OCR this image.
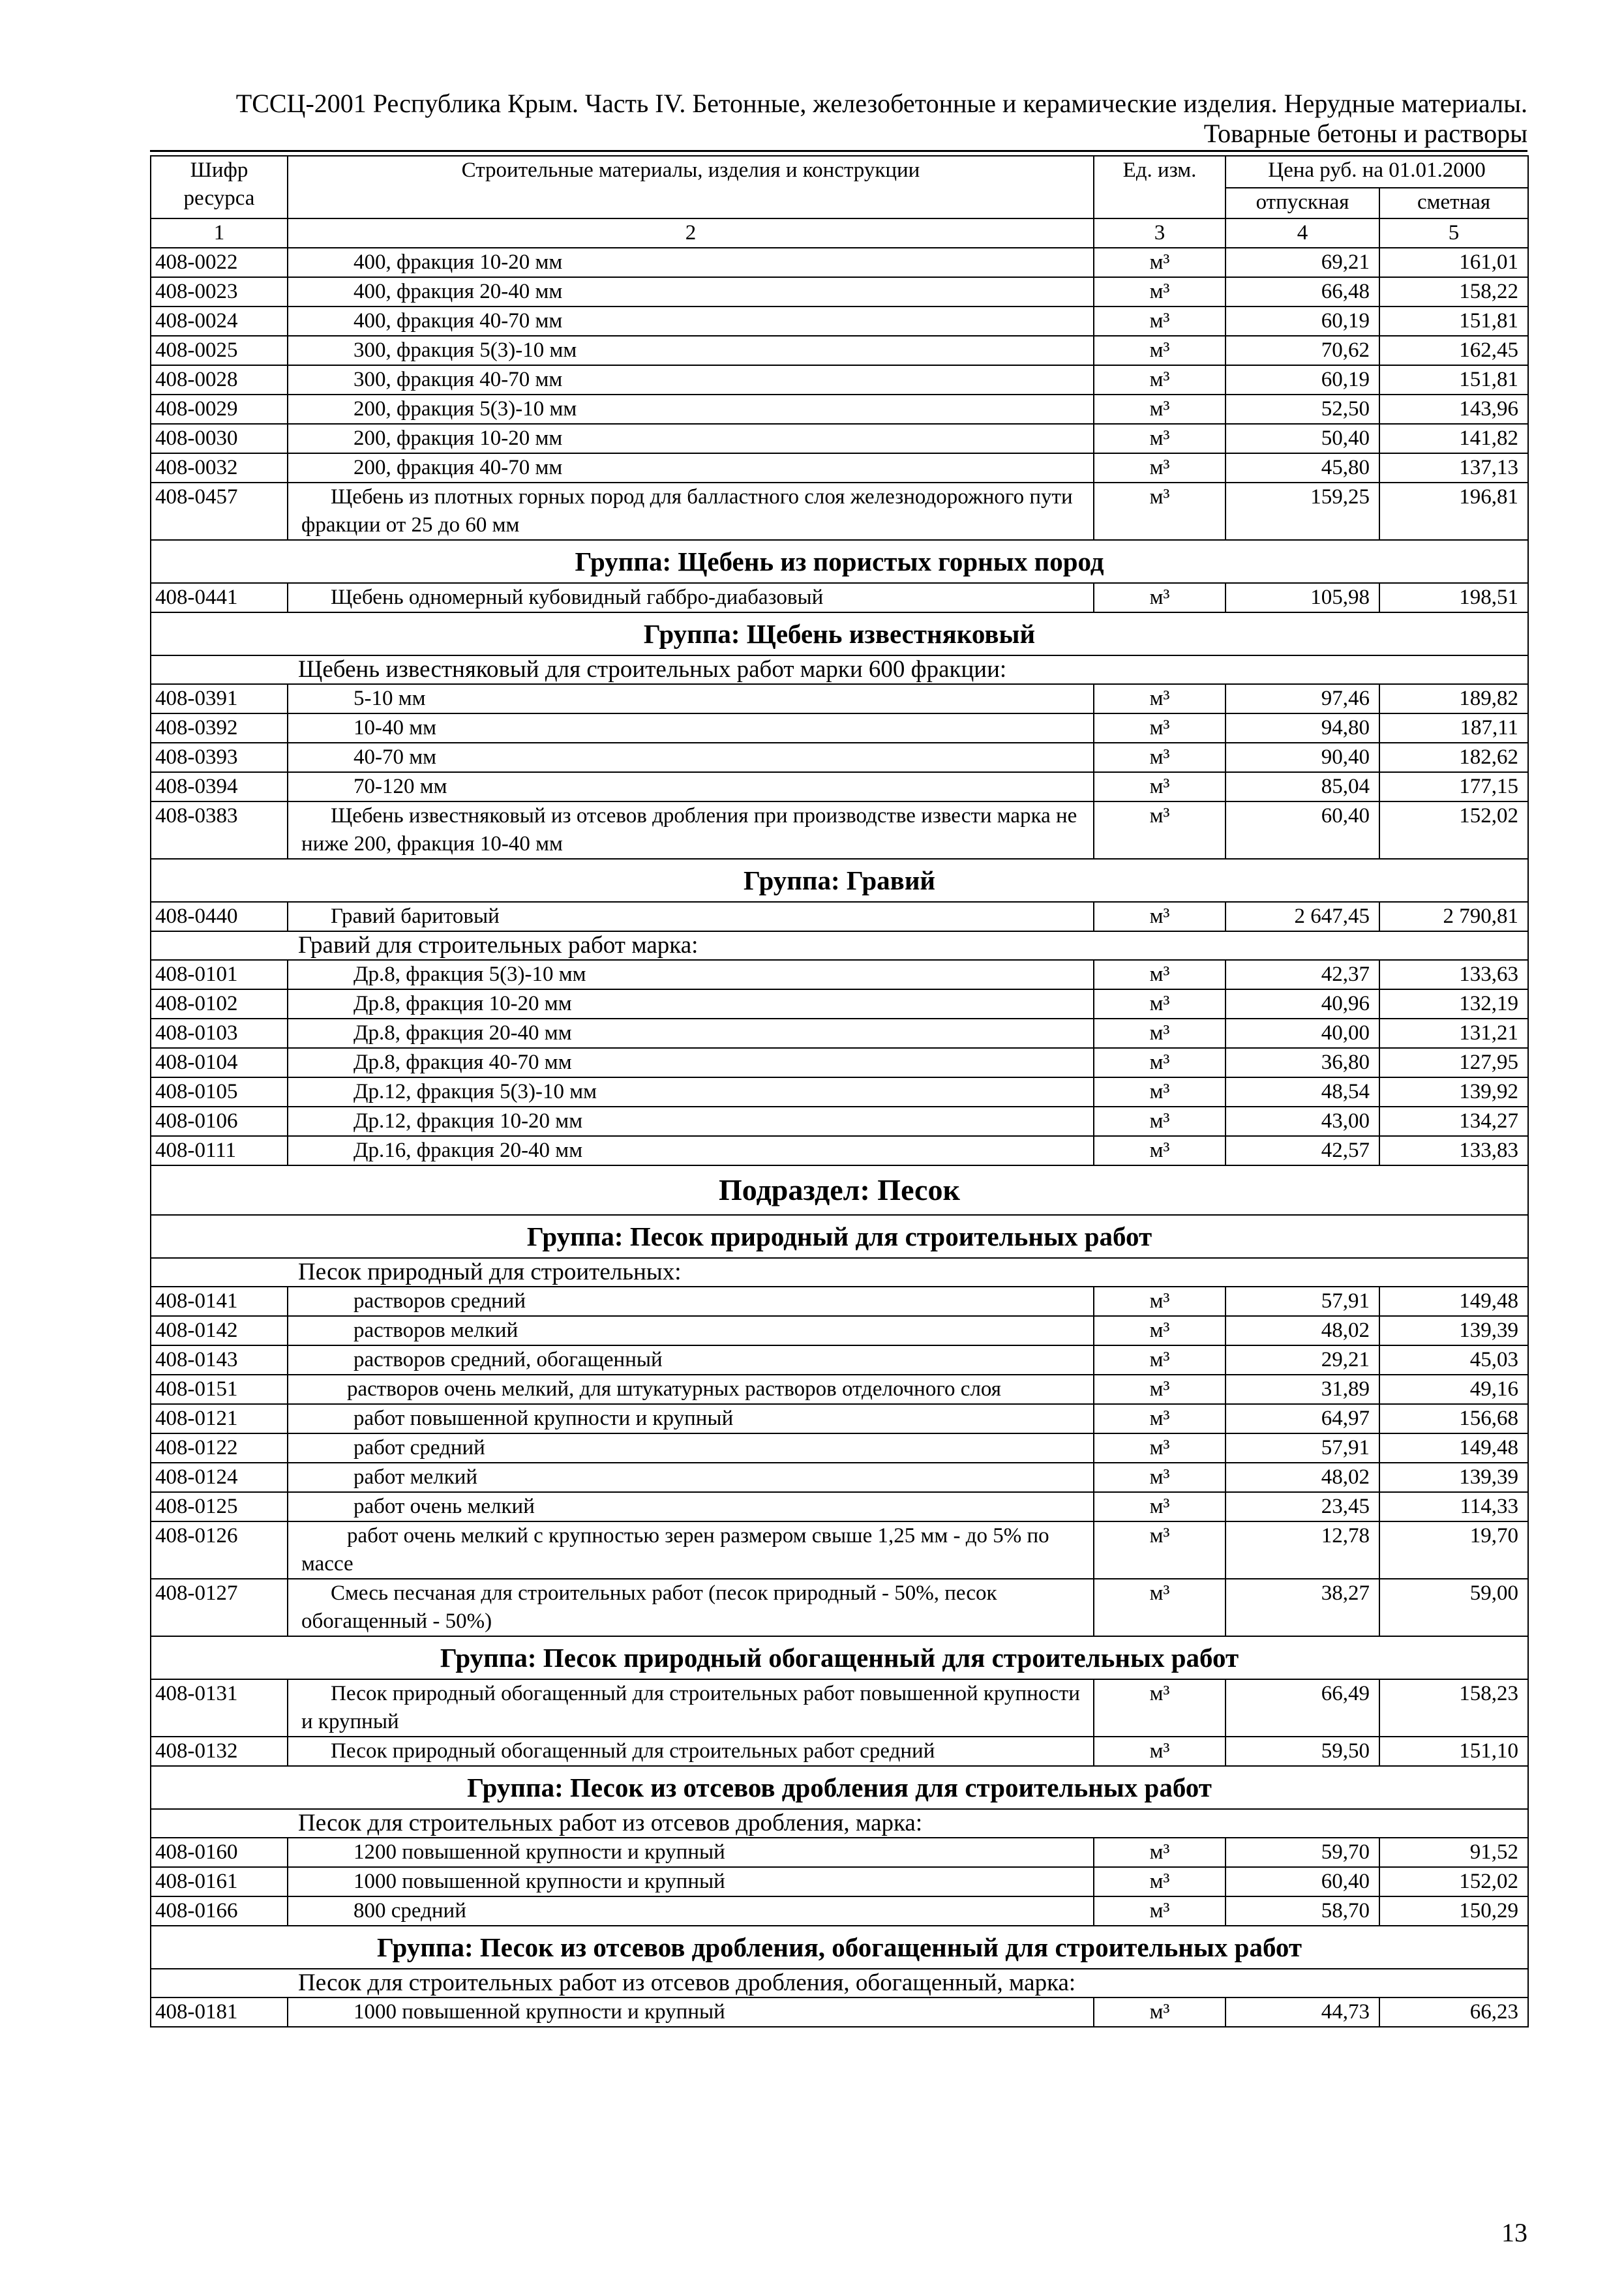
ТССЦ-2001 Республика Крым. Часть IV. Бетонные, железобетонные и керамические изделия. Нерудные материалы.
Товарные бетоны и растворы
Шифр ресурса	Строительные материалы, изделия и конструкции	Ед. изм.	Цена руб. на 01.01.2000	
			отпускная	сметная
1	2	3	4	5
408-0022	400, фракция 10-20 мм	м³	69,21	161,01
408-0023	400, фракция 20-40 мм	м³	66,48	158,22
408-0024	400, фракция 40-70 мм	м³	60,19	151,81
408-0025	300, фракция 5(3)-10 мм	м³	70,62	162,45
408-0028	300, фракция 40-70 мм	м³	60,19	151,81
408-0029	200, фракция 5(3)-10 мм	м³	52,50	143,96
408-0030	200, фракция 10-20 мм	м³	50,40	141,82
408-0032	200, фракция 40-70 мм	м³	45,80	137,13
408-0457	Щебень из плотных горных пород для балластного слоя железнодорожного пути фракции от 25 до 60 мм	м³	159,25	196,81
Группа: Щебень из пористых горных пород				
408-0441	Щебень одномерный кубовидный габбро-диабазовый	м³	105,98	198,51
Группа: Щебень известняковый				
Щебень известняковый для строительных работ марки 600 фракции:				
408-0391	5-10 мм	м³	97,46	189,82
408-0392	10-40 мм	м³	94,80	187,11
408-0393	40-70 мм	м³	90,40	182,62
408-0394	70-120 мм	м³	85,04	177,15
408-0383	Щебень известняковый из отсевов дробления при производстве извести марка не ниже 200, фракция 10-40 мм	м³	60,40	152,02
Группа: Гравий				
408-0440	Гравий баритовый	м³	2 647,45	2 790,81
Гравий для строительных работ марка:				
408-0101	Др.8, фракция 5(3)-10 мм	м³	42,37	133,63
408-0102	Др.8, фракция 10-20 мм	м³	40,96	132,19
408-0103	Др.8, фракция 20-40 мм	м³	40,00	131,21
408-0104	Др.8, фракция 40-70 мм	м³	36,80	127,95
408-0105	Др.12, фракция 5(3)-10 мм	м³	48,54	139,92
408-0106	Др.12, фракция 10-20 мм	м³	43,00	134,27
408-0111	Др.16, фракция 20-40 мм	м³	42,57	133,83
Подраздел: Песок				
Группа: Песок природный для строительных работ				
Песок природный для строительных:				
408-0141	растворов средний	м³	57,91	149,48
408-0142	растворов мелкий	м³	48,02	139,39
408-0143	растворов средний, обогащенный	м³	29,21	45,03
408-0151	растворов очень мелкий, для штукатурных растворов отделочного слоя	м³	31,89	49,16
408-0121	работ повышенной крупности и крупный	м³	64,97	156,68
408-0122	работ средний	м³	57,91	149,48
408-0124	работ мелкий	м³	48,02	139,39
408-0125	работ очень мелкий	м³	23,45	114,33
408-0126	работ очень мелкий с крупностью зерен размером свыше 1,25 мм - до 5% по массе	м³	12,78	19,70
408-0127	Смесь песчаная для строительных работ (песок природный - 50%, песок обогащенный - 50%)	м³	38,27	59,00
Группа: Песок природный обогащенный для строительных работ				
408-0131	Песок природный обогащенный для строительных работ повышенной крупности и крупный	м³	66,49	158,23
408-0132	Песок природный обогащенный для строительных работ средний	м³	59,50	151,10
Группа: Песок из отсевов дробления для строительных работ				
Песок для строительных работ из отсевов дробления, марка:				
408-0160	1200 повышенной крупности и крупный	м³	59,70	91,52
408-0161	1000 повышенной крупности и крупный	м³	60,40	152,02
408-0166	800 средний	м³	58,70	150,29
Группа: Песок из отсевов дробления, обогащенный для строительных работ				
Песок для строительных работ из отсевов дробления, обогащенный, марка:				
408-0181	1000 повышенной крупности и крупный	м³	44,73	66,23
13
